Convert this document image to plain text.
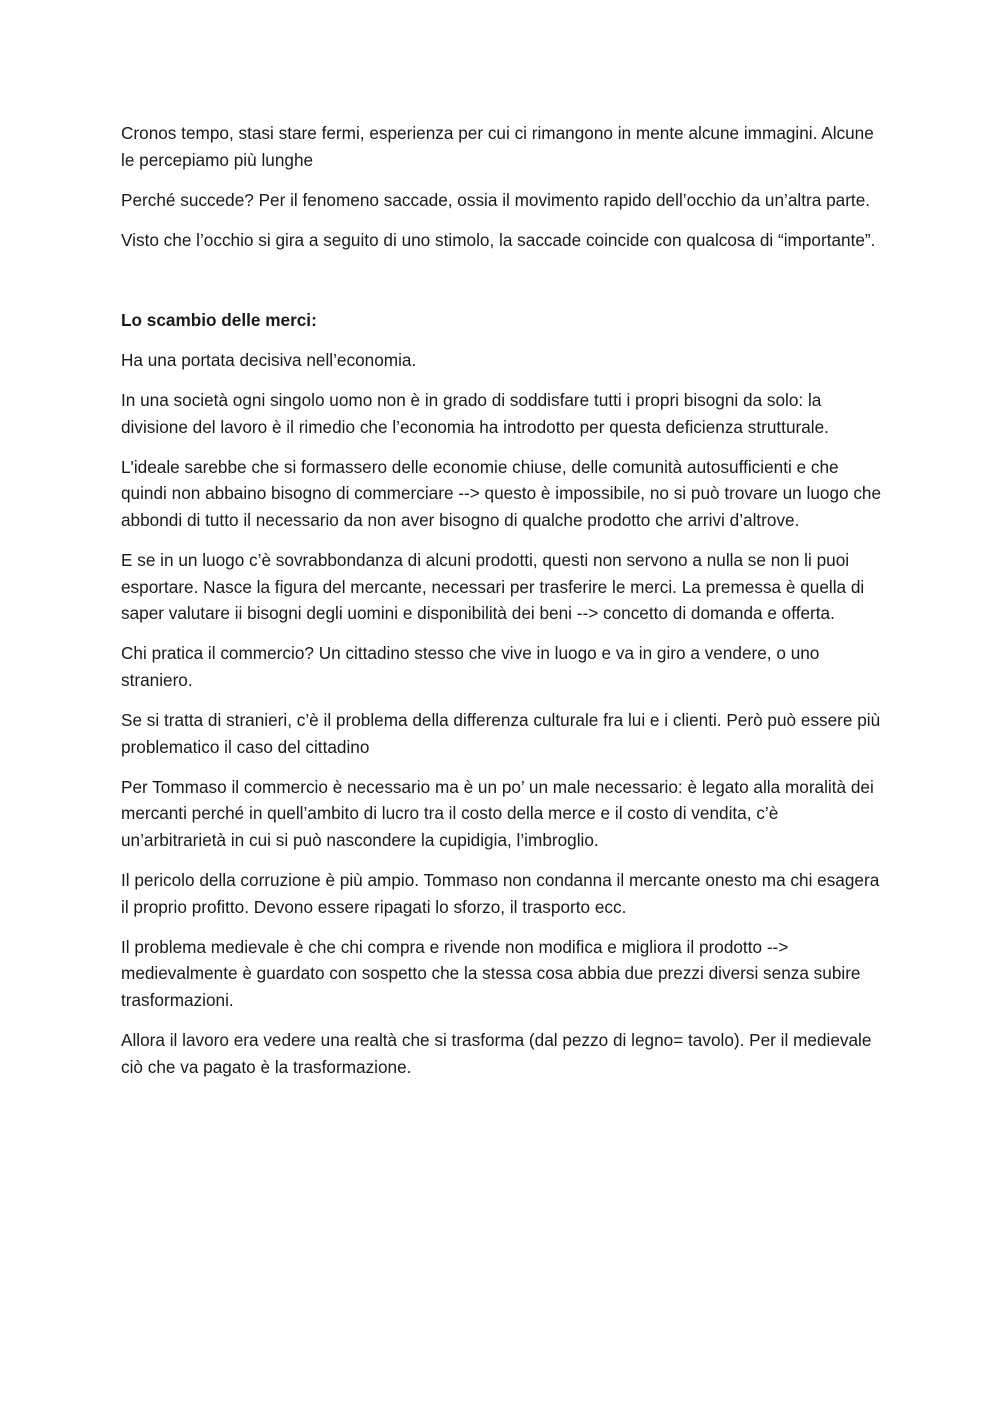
Cronos tempo, stasi stare fermi, esperienza per cui ci rimangono in mente alcune immagini. Alcune le percepiamo più lunghe

Perché succede? Per il fenomeno saccade, ossia il movimento rapido dell’occhio da un’altra parte.

Visto che l’occhio si gira a seguito di uno stimolo, la saccade coincide con qualcosa di “importante”.

Lo scambio delle merci:

Ha una portata decisiva nell’economia.

In una società ogni singolo uomo non è in grado di soddisfare tutti i propri bisogni da solo: la divisione del lavoro è il rimedio che l’economia ha introdotto per questa deficienza strutturale.

L'ideale sarebbe che si formassero delle economie chiuse, delle comunità autosufficienti e che quindi non abbaino bisogno di commerciare --> questo è impossibile, no si può trovare un luogo che abbondi di tutto il necessario da non aver bisogno di qualche prodotto che arrivi d’altrove.

E se in un luogo c’è sovrabbondanza di alcuni prodotti, questi non servono a nulla se non li puoi esportare. Nasce la figura del mercante, necessari per trasferire le merci. La premessa è quella di saper valutare ii bisogni degli uomini e disponibilità dei beni --> concetto di domanda e offerta.

Chi pratica il commercio? Un cittadino stesso che vive in luogo e va in giro a vendere, o uno straniero.

Se si tratta di stranieri, c’è il problema della differenza culturale fra lui e i clienti. Però può essere più problematico il caso del cittadino

Per Tommaso il commercio è necessario ma è un po’ un male necessario: è legato alla moralità dei mercanti perché in quell’ambito di lucro tra il costo della merce e il costo di vendita, c’è un’arbitrarietà in cui si può nascondere la cupidigia, l’imbroglio.

Il pericolo della corruzione è più ampio. Tommaso non condanna il mercante onesto ma chi esagera il proprio profitto. Devono essere ripagati lo sforzo, il trasporto ecc.

Il problema medievale è che chi compra e rivende non modifica e migliora il prodotto --> medievalmente è guardato con sospetto che la stessa cosa abbia due prezzi diversi senza subire trasformazioni.

Allora il lavoro era vedere una realtà che si trasforma (dal pezzo di legno= tavolo). Per il medievale ciò che va pagato è la trasformazione.
